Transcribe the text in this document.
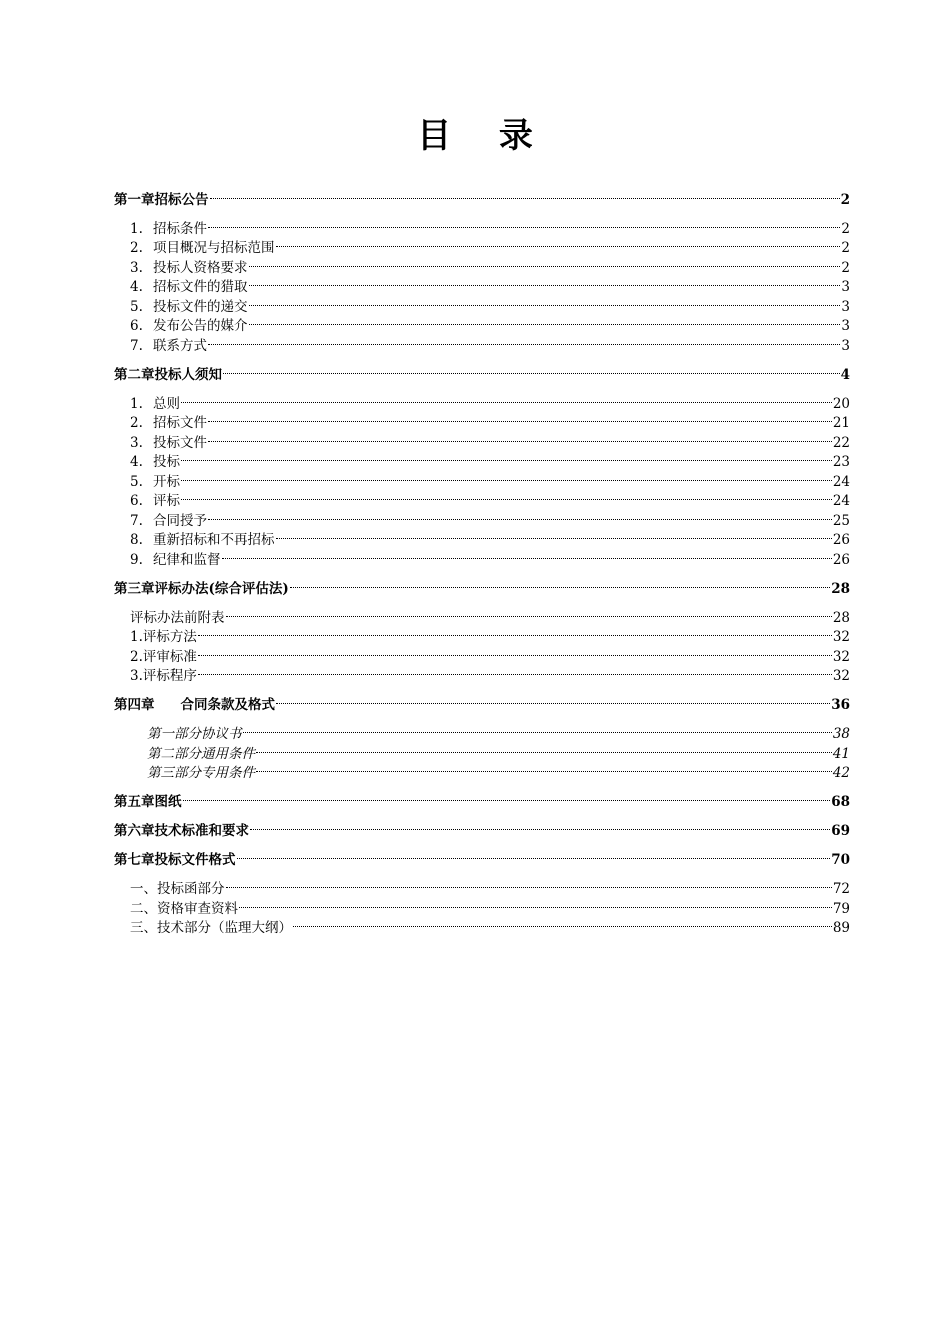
目 录
第一章招标公告	2
1. 招标条件	2
2. 项目概况与招标范围	2
3. 投标人资格要求	2
4. 招标文件的猎取	3
5. 投标文件的递交	3
6. 发布公告的媒介	3
7. 联系方式	3
第二章投标人须知	4
1. 总则	20
2. 招标文件	21
3. 投标文件	22
4. 投标	23
5. 开标	24
6. 评标	24
7. 合同授予	25
8. 重新招标和不再招标	26
9. 纪律和监督	26
第三章评标办法(综合评估法)	28
评标办法前附表	28
1.评标方法	32
2.评审标准	32
3.评标程序	32
第四章 合同条款及格式	36
第一部分协议书	38
第二部分通用条件	41
第三部分专用条件	42
第五章图纸	68
第六章技术标准和要求	69
第七章投标文件格式	70
一、投标函部分	72
二、资格审查资料	79
三、技术部分（监理大纲）	89
